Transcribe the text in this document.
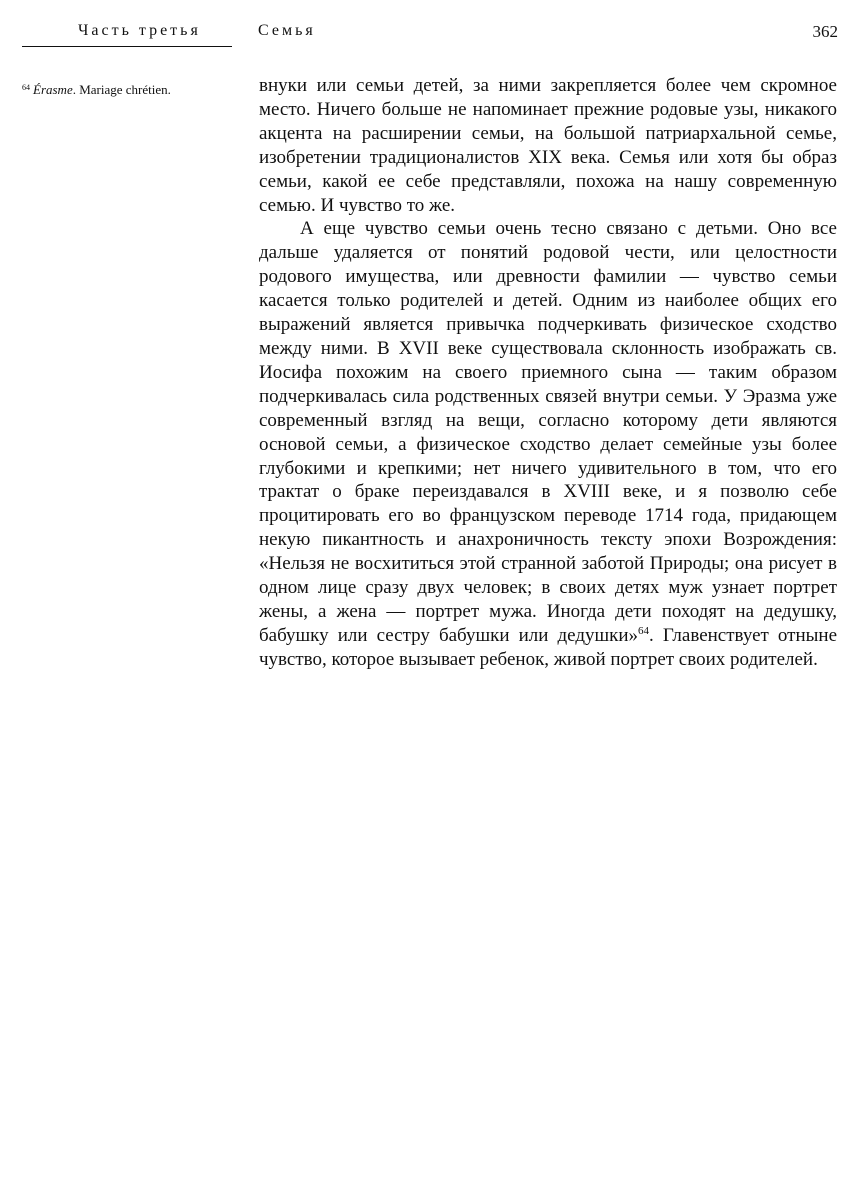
Часть третья	Семья	362
$^{64}$ Érasme. Mariage chrétien.	внуки или семьи детей, за ними закрепляется более чем скромное место. Ничего больше не напоминает прежние родовые узы, никакого акцента на расширении семьи, на большой патриархальной семье, изобретении традиционалистов XIX века. Семья или хотя бы образ семьи, какой ее себе представляли, похожа на нашу современную семью. И чувство то же.

А еще чувство семьи очень тесно связано с детьми. Оно все дальше удаляется от понятий родовой чести, или целостности родового имущества, или древности фамилии — чувство семьи касается только родителей и детей. Одним из наиболее общих его выражений является привычка подчеркивать физическое сходство между ними. В XVII веке существовала склонность изображать св. Иосифа похожим на своего приемного сына — таким образом подчеркивалась сила родственных связей внутри семьи. У Эразма уже современный взгляд на вещи, согласно которому дети являются основой семьи, а физическое сходство делает семейные узы более глубокими и крепкими; нет ничего удивительного в том, что его трактат о браке переиздавался в XVIII веке, и я позволю себе процитировать его во французском переводе 1714 года, придающем некую пикантность и анахроничность тексту эпохи Возрождения: «Нельзя не восхититься этой странной заботой Природы; она рисует в одном лице сразу двух человек; в своих детях муж узнает портрет жены, а жена — портрет мужа. Иногда дети походят на дедушку, бабушку или сестру бабушки или дедушки»$^{64}$. Главенствует отныне чувство, которое вызывает ребенок, живой портрет своих родителей.
